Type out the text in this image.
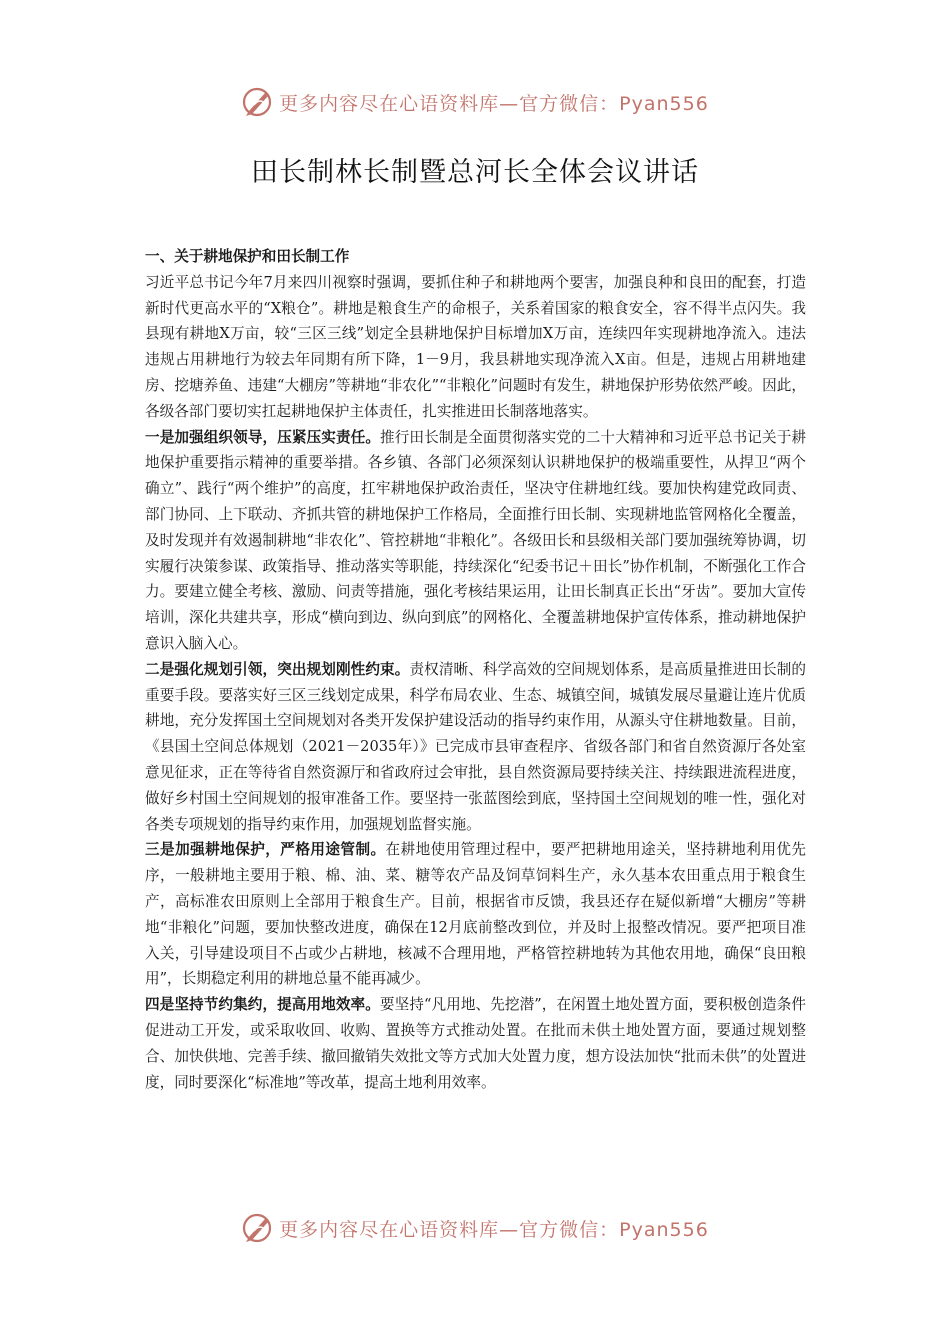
更多内容尽在心语资料库—官方微信：Pyan556
田长制林长制暨总河长全体会议讲话

一、关于耕地保护和田长制工作

习近平总书记今年7月来四川视察时强调，要抓住种子和耕地两个要害，加强良种和良田的配套，打造新时代更高水平的“X粮仓”。耕地是粮食生产的命根子，关系着国家的粮食安全，容不得半点闪失。我县现有耕地X万亩，较“三区三线”划定全县耕地保护目标增加X万亩，连续四年实现耕地净流入。违法违规占用耕地行为较去年同期有所下降，1－9月，我县耕地实现净流入X亩。但是，违规占用耕地建房、挖塘养鱼、违建“大棚房”等耕地“非农化”“非粮化”问题时有发生，耕地保护形势依然严峻。因此，各级各部门要切实扛起耕地保护主体责任，扎实推进田长制落地落实。

一是加强组织领导，压紧压实责任。推行田长制是全面贯彻落实党的二十大精神和习近平总书记关于耕地保护重要指示精神的重要举措。各乡镇、各部门必须深刻认识耕地保护的极端重要性，从捍卫“两个确立”、践行“两个维护”的高度，扛牢耕地保护政治责任，坚决守住耕地红线。要加快构建党政同责、部门协同、上下联动、齐抓共管的耕地保护工作格局，全面推行田长制、实现耕地监管网格化全覆盖，及时发现并有效遏制耕地“非农化”、管控耕地“非粮化”。各级田长和县级相关部门要加强统筹协调，切实履行决策参谋、政策指导、推动落实等职能，持续深化“纪委书记＋田长”协作机制，不断强化工作合力。要建立健全考核、激励、问责等措施，强化考核结果运用，让田长制真正长出“牙齿”。要加大宣传培训，深化共建共享，形成“横向到边、纵向到底”的网格化、全覆盖耕地保护宣传体系，推动耕地保护意识入脑入心。

二是强化规划引领，突出规划刚性约束。责权清晰、科学高效的空间规划体系，是高质量推进田长制的重要手段。要落实好三区三线划定成果，科学布局农业、生态、城镇空间，城镇发展尽量避让连片优质耕地，充分发挥国土空间规划对各类开发保护建设活动的指导约束作用，从源头守住耕地数量。目前，《县国土空间总体规划（2021－2035年）》已完成市县审查程序、省级各部门和省自然资源厅各处室意见征求，正在等待省自然资源厅和省政府过会审批，县自然资源局要持续关注、持续跟进流程进度，做好乡村国土空间规划的报审准备工作。要坚持一张蓝图绘到底，坚持国土空间规划的唯一性，强化对各类专项规划的指导约束作用，加强规划监督实施。

三是加强耕地保护，严格用途管制。在耕地使用管理过程中，要严把耕地用途关，坚持耕地利用优先序，一般耕地主要用于粮、棉、油、菜、糖等农产品及饲草饲料生产，永久基本农田重点用于粮食生产，高标准农田原则上全部用于粮食生产。目前，根据省市反馈，我县还存在疑似新增“大棚房”等耕地“非粮化”问题，要加快整改进度，确保在12月底前整改到位，并及时上报整改情况。要严把项目准入关，引导建设项目不占或少占耕地，核减不合理用地，严格管控耕地转为其他农用地，确保“良田粮用”，长期稳定利用的耕地总量不能再减少。

四是坚持节约集约，提高用地效率。要坚持“凡用地、先挖潜”，在闲置土地处置方面，要积极创造条件促进动工开发，或采取收回、收购、置换等方式推动处置。在批而未供土地处置方面，要通过规划整合、加快供地、完善手续、撤回撤销失效批文等方式加大处置力度，想方设法加快“批而未供”的处置进度，同时要深化“标准地”等改革，提高土地利用效率。

更多内容尽在心语资料库—官方微信：Pyan556
